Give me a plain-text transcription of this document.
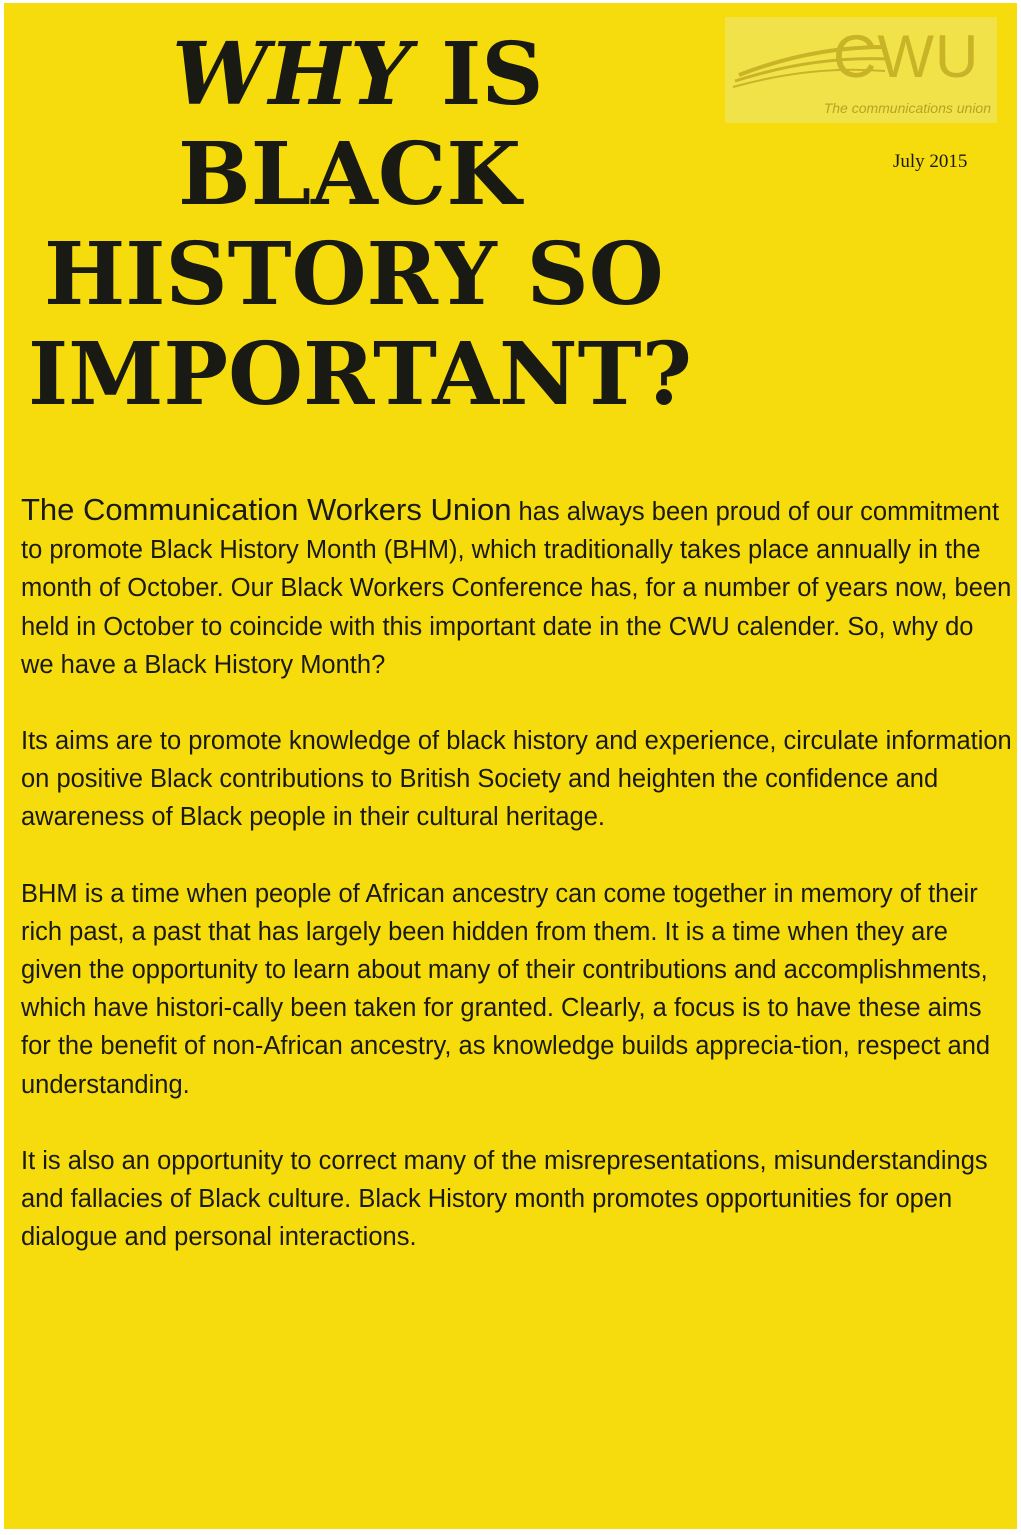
WHY IS
BLACK
HISTORY SO
IMPORTANT?
CWU
The communications union
July 2015

The Communication Workers Union has always been proud of our commitment to promote Black History Month (BHM), which traditionally takes place annually in the month of October. Our Black Workers Conference has, for a number of years now, been held in October to coincide with this important date in the CWU calender. So, why do we have a Black History Month?

Its aims are to promote knowledge of black history and experience, circulate information on positive Black contributions to British Society and heighten the confidence and awareness of Black people in their cultural heritage.

BHM is a time when people of African ancestry can come together in memory of their rich past, a past that has largely been hidden from them. It is a time when they are given the opportunity to learn about many of their contributions and accomplishments, which have histori-cally been taken for granted. Clearly, a focus is to have these aims for the benefit of non-African ancestry, as knowledge builds apprecia-tion, respect and understanding.

It is also an opportunity to correct many of the misrepresentations, misunderstandings and fallacies of Black culture. Black History month promotes opportunities for open dialogue and personal interactions.
